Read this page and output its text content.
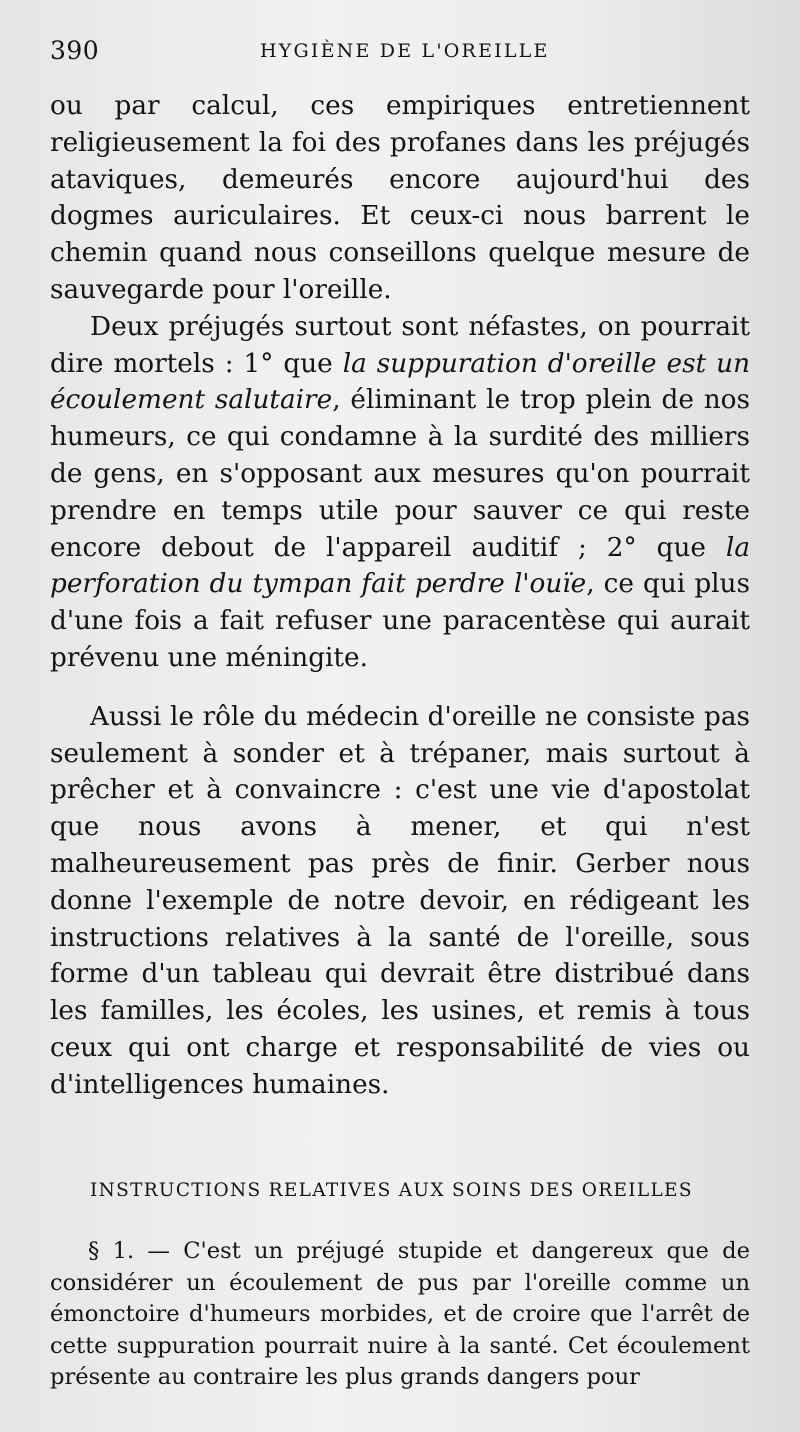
390	HYGIÈNE DE L'OREILLE

ou par calcul, ces empiriques entretiennent religieusement la foi des profanes dans les préjugés ataviques, demeurés encore aujourd'hui des dogmes auriculaires. Et ceux-ci nous barrent le chemin quand nous conseillons quelque mesure de sauvegarde pour l'oreille.

Deux préjugés surtout sont néfastes, on pourrait dire mortels : 1° que la suppuration d'oreille est un écoulement salutaire, éliminant le trop plein de nos humeurs, ce qui condamne à la surdité des milliers de gens, en s'opposant aux mesures qu'on pourrait prendre en temps utile pour sauver ce qui reste encore debout de l'appareil auditif ; 2° que la perforation du tympan fait perdre l'ouïe, ce qui plus d'une fois a fait refuser une paracentèse qui aurait prévenu une méningite.

Aussi le rôle du médecin d'oreille ne consiste pas seulement à sonder et à trépaner, mais surtout à prêcher et à convaincre : c'est une vie d'apostolat que nous avons à mener, et qui n'est malheureusement pas près de finir. Gerber nous donne l'exemple de notre devoir, en rédigeant les instructions relatives à la santé de l'oreille, sous forme d'un tableau qui devrait être distribué dans les familles, les écoles, les usines, et remis à tous ceux qui ont charge et responsabilité de vies ou d'intelligences humaines.

INSTRUCTIONS RELATIVES AUX SOINS DES OREILLES

§ 1. — C'est un préjugé stupide et dangereux que de considérer un écoulement de pus par l'oreille comme un émonctoire d'humeurs morbides, et de croire que l'arrêt de cette suppuration pourrait nuire à la santé. Cet écoulement présente au contraire les plus grands dangers pour
